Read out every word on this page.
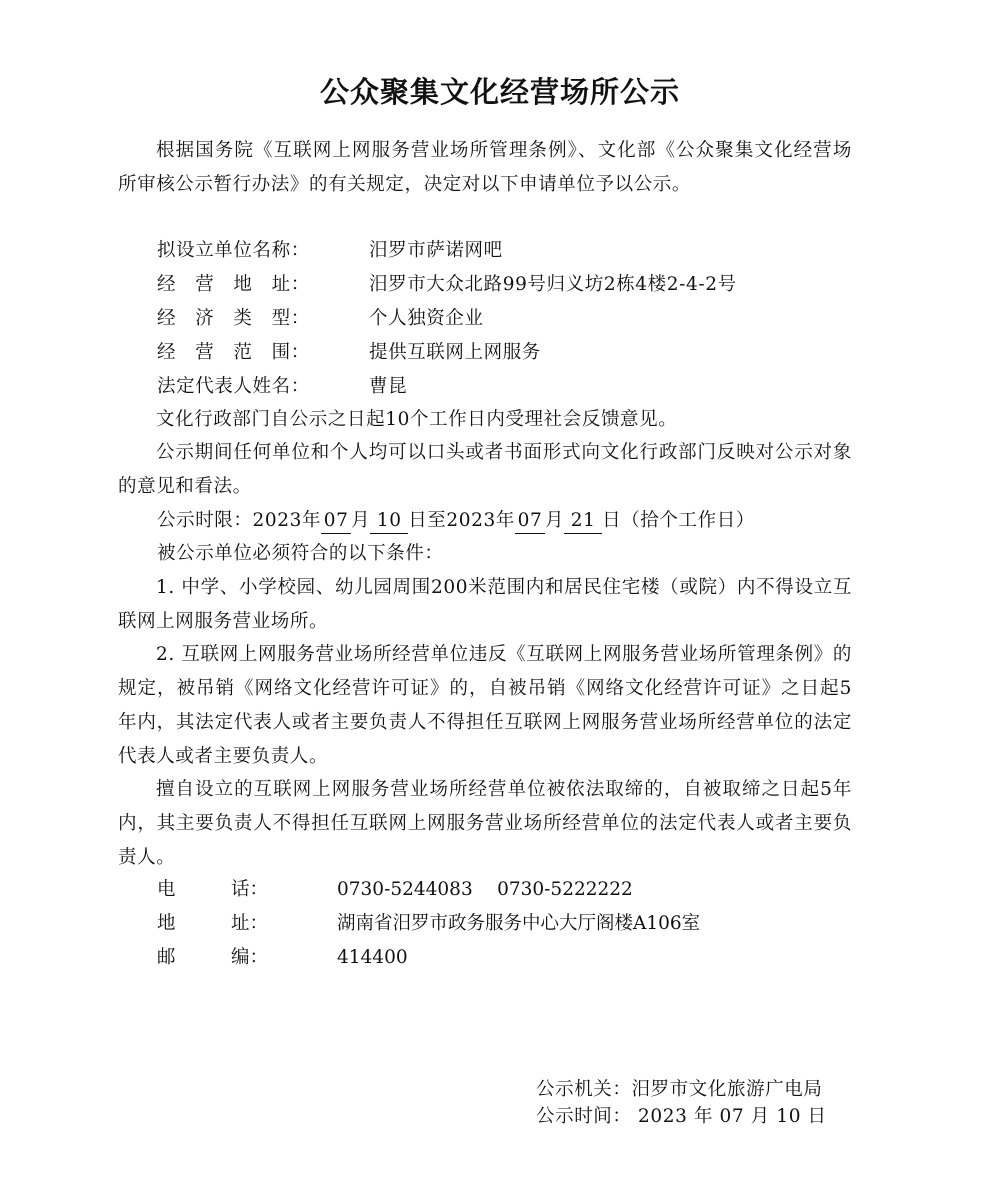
公众聚集文化经营场所公示
根据国务院《互联网上网服务营业场所管理条例》、文化部《公众聚集文化经营场所审核公示暂行办法》的有关规定，决定对以下申请单位予以公示。
拟设立单位名称：	汨罗市萨诺网吧
经　营　地　址：	汨罗市大众北路99号归义坊2栋4楼2-4-2号
经　济　类　型：	个人独资企业
经　营　范　围：	提供互联网上网服务
法定代表人姓名：	曹昆
文化行政部门自公示之日起10个工作日内受理社会反馈意见。
公示期间任何单位和个人均可以口头或者书面形式向文化行政部门反映对公示对象的意见和看法。
公示时限：2023年 07 月 10 日至2023年 07 月 21 日（拾个工作日）
被公示单位必须符合的以下条件：
1. 中学、小学校园、幼儿园周围200米范围内和居民住宅楼（或院）内不得设立互联网上网服务营业场所。
2. 互联网上网服务营业场所经营单位违反《互联网上网服务营业场所管理条例》的规定，被吊销《网络文化经营许可证》的，自被吊销《网络文化经营许可证》之日起5年内，其法定代表人或者主要负责人不得担任互联网上网服务营业场所经营单位的法定代表人或者主要负责人。
擅自设立的互联网上网服务营业场所经营单位被依法取缔的，自被取缔之日起5年内，其主要负责人不得担任互联网上网服务营业场所经营单位的法定代表人或者主要负责人。
电　　　话：	0730-5244083　 0730-5222222
地　　　址：	湖南省汨罗市政务服务中心大厅阁楼A106室
邮　　　编：	414400
公示机关：汨罗市文化旅游广电局
公示时间： 2023 年 07 月 10 日
